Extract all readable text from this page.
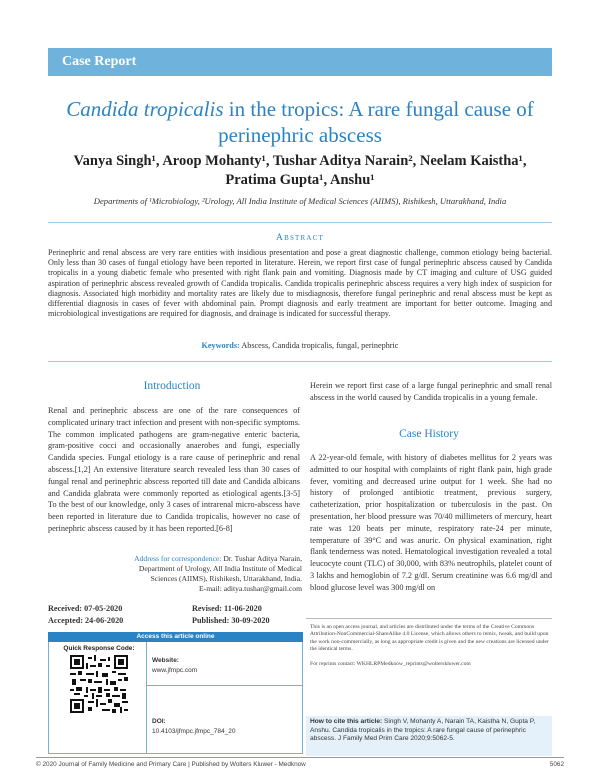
Case Report
Candida tropicalis in the tropics: A rare fungal cause of perinephric abscess
Vanya Singh¹, Aroop Mohanty¹, Tushar Aditya Narain², Neelam Kaistha¹,
Pratima Gupta¹, Anshu¹
Departments of ¹Microbiology, ²Urology, All India Institute of Medical Sciences (AIIMS), Rishikesh, Uttarakhand, India
Abstract
Perinephric and renal abscess are very rare entities with insidious presentation and pose a great diagnostic challenge, common etiology being bacterial. Only less than 30 cases of fungal etiology have been reported in literature. Herein, we report first case of fungal perinephric abscess caused by Candida tropicalis in a young diabetic female who presented with right flank pain and vomiting. Diagnosis made by CT imaging and culture of USG guided aspiration of perinephric abscess revealed growth of Candida tropicalis. Candida tropicalis perinephric abscess requires a very high index of suspicion for diagnosis. Associated high morbidity and mortality rates are likely due to misdiagnosis, therefore fungal perinephric and renal abscess must be kept as differential diagnosis in cases of fever with abdominal pain. Prompt diagnosis and early treatment are important for better outcome. Imaging and microbiological investigations are required for diagnosis, and drainage is indicated for successful therapy.
Keywords: Abscess, Candida tropicalis, fungal, perinephric
Introduction
Renal and perinephric abscess are one of the rare consequences of complicated urinary tract infection and present with non-specific symptoms. The common implicated pathogens are gram-negative enteric bacteria, gram-positive cocci and occasionally anaerobes and fungi, especially Candida species. Fungal etiology is a rare cause of perinephric and renal abscess.[1,2] An extensive literature search revealed less than 30 cases of fungal renal and perinephric abscess reported till date and Candida albicans and Candida glabrata were commonly reported as etiological agents.[3-5] To the best of our knowledge, only 3 cases of intrarenal micro-abscess have been reported in literature due to Candida tropicalis, however no case of perinephric abscess caused by it has been reported.[6-8]
Address for correspondence: Dr. Tushar Aditya Narain,
Department of Urology, All India Institute of Medical
Sciences (AIIMS), Rishikesh, Uttarakhand, India.
E-mail: aditya.tushar@gmail.com
Received: 07-05-2020	Revised: 11-06-2020
Accepted: 24-06-2020	Published: 30-09-2020
Access this article online
Quick Response Code:
Website:
www.jfmpc.com
DOI:
10.4103/jfmpc.jfmpc_784_20
Herein we report first case of a large fungal perinephric and small renal abscess in the world caused by Candida tropicalis in a young female.
Case History
A 22-year-old female, with history of diabetes mellitus for 2 years was admitted to our hospital with complaints of right flank pain, high grade fever, vomiting and decreased urine output for 1 week. She had no history of prolonged antibiotic treatment, previous surgery, catheterization, prior hospitalization or tuberculosis in the past. On presentation, her blood pressure was 70/40 millimeters of mercury, heart rate was 120 beats per minute, respiratory rate-24 per minute, temperature of 39°C and was anuric. On physical examination, right flank tenderness was noted. Hematological investigation revealed a total leucocyte count (TLC) of 30,000, with 83% neutrophils, platelet count of 3 lakhs and hemoglobin of 7.2 g/dl. Serum creatinine was 6.6 mg/dl and blood glucose level was 300 mg/dl on
This is an open access journal, and articles are distributed under the terms of the Creative Commons Attribution-NonCommercial-ShareAlike 4.0 License, which allows others to remix, tweak, and build upon the work non-commercially, as long as appropriate credit is given and the new creations are licensed under the identical terms.
For reprints contact: WKHLRPMedknow_reprints@wolterskluwer.com
How to cite this article: Singh V, Mohanty A, Narain TA, Kaistha N, Gupta P, Anshu. Candida tropicalis in the tropics: A rare fungal cause of perinephric abscess. J Family Med Prim Care 2020;9:5062-5.
© 2020 Journal of Family Medicine and Primary Care | Published by Wolters Kluwer - Medknow	5062
